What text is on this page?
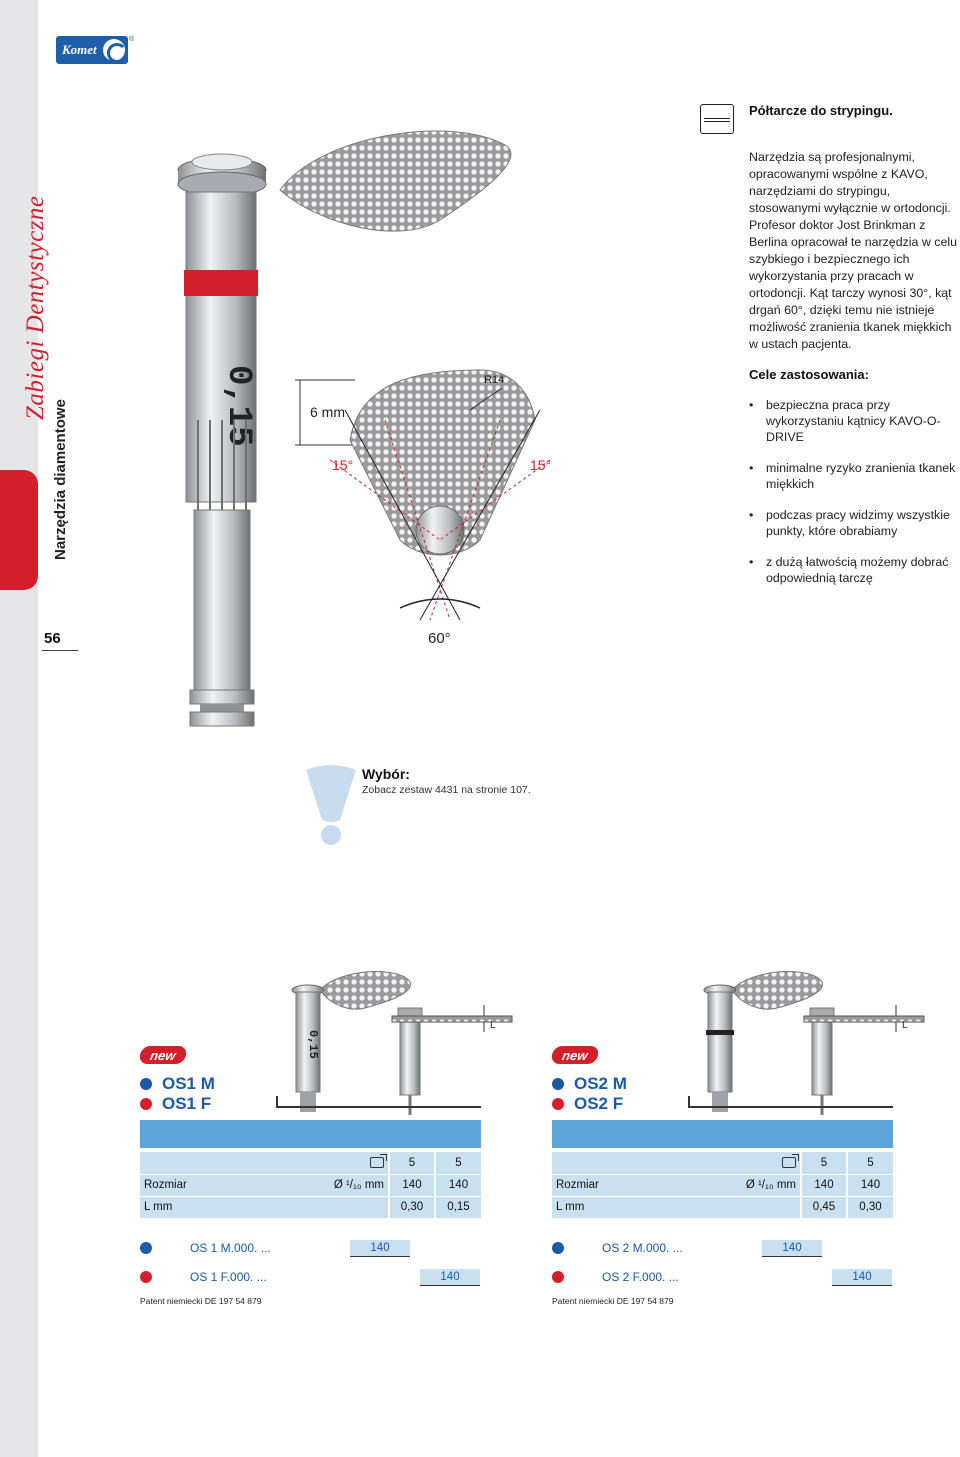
Zabiegi Dentystyczne
Narzędzia diamentowe
56
Komet
®
Półtarcze do strypingu.
Narzędzia są profesjonalnymi, opracowanymi wspólne z KAVO, narzędziami do strypingu, stosowanymi wyłącznie w ortodoncji. Profesor doktor Jost Brinkman z Berlina opracował te narzędzia w celu szybkiego i bezpiecznego ich wykorzystania przy pracach w ortodoncji. Kąt tarczy wynosi 30°, kąt drgań 60°, dzięki temu nie istnieje możliwość zranienia tkanek miękkich w ustach pacjenta.
Cele zastosowania:
• bezpieczna praca przy wykorzystaniu kątnicy KAVO-O-DRIVE
• minimalne ryzyko zranienia tkanek miękkich
• podczas pracy widzimy wszystkie punkty, które obrabiamy
• z dużą łatwością możemy dobrać odpowiednią tarczę
0,15	6 mm
R14
15°	15°
60°
Wybór:
Zobacz zestaw 4431 na stronie 107.
0,15
L
new
OS1 M
OS1 F
		5	5
Rozmiar	Ø ¹/₁₀ mm	140	140
L mm		0,30	0,15
OS 1 M.000. ...	140
OS 1 F.000. ...	140
Patent niemiecki DE 197 54 879
L
new
OS2 M
OS2 F
		5	5
Rozmiar	Ø ¹/₁₀ mm	140	140
L mm		0,45	0,30
OS 2 M.000. ...	140
OS 2 F.000. ...	140
Patent niemiecki DE 197 54 879
